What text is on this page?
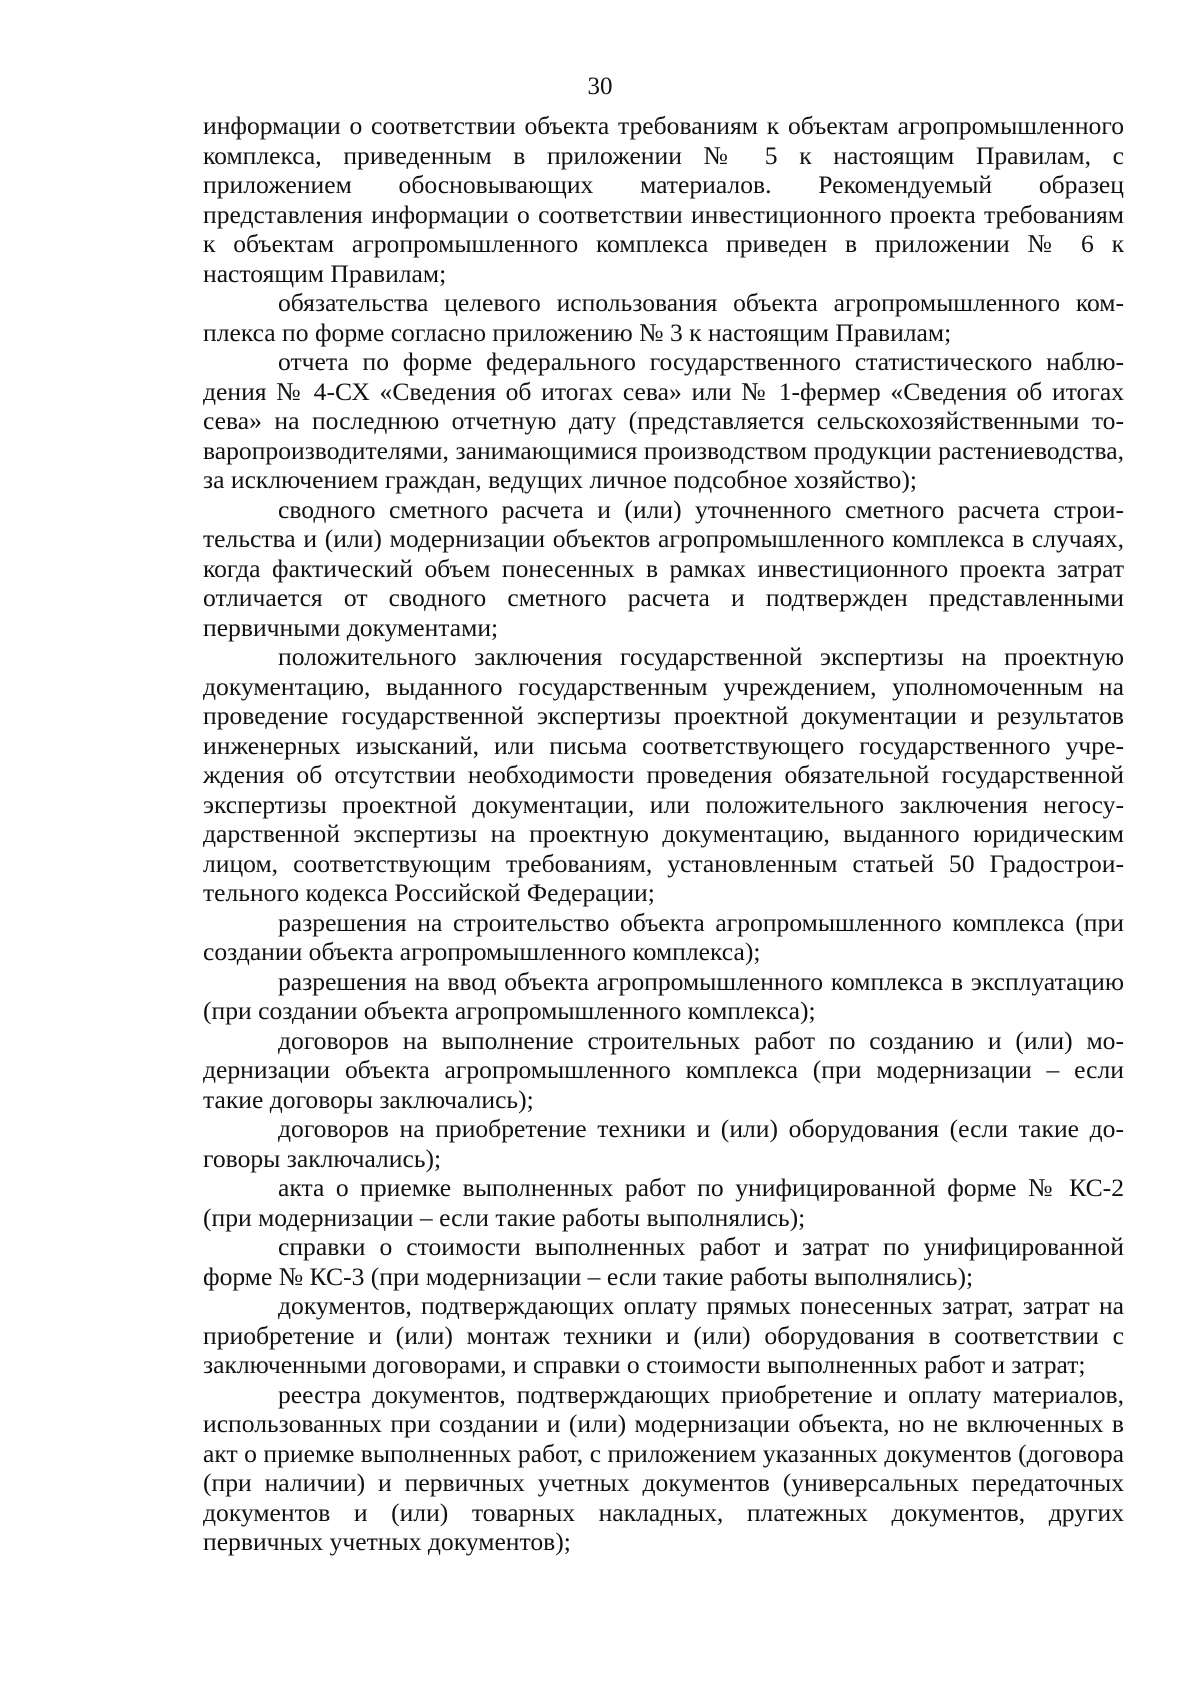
30

информации о соответствии объекта требованиям к объектам агропромышленного комплекса, приведенным в приложении № 5 к настоящим Правилам, с приложением обосновывающих материалов. Рекомендуемый образец представления информации о соответствии инвестиционного проекта требованиям к объектам агропромышленного комплекса приведен в приложении № 6 к настоящим Правилам;

обязательства целевого использования объекта агропромышленного комплекса по форме согласно приложению № 3 к настоящим Правилам;

отчета по форме федерального государственного статистического наблюдения № 4-СХ «Сведения об итогах сева» или № 1-фермер «Сведения об итогах сева» на последнюю отчетную дату (представляется сельскохозяйственными товаропроизводителями, занимающимися производством продукции растениеводства, за исключением граждан, ведущих личное подсобное хозяйство);

сводного сметного расчета и (или) уточненного сметного расчета строительства и (или) модернизации объектов агропромышленного комплекса в случаях, когда фактический объем понесенных в рамках инвестиционного проекта затрат отличается от сводного сметного расчета и подтвержден представленными первичными документами;

положительного заключения государственной экспертизы на проектную документацию, выданного государственным учреждением, уполномоченным на проведение государственной экспертизы проектной документации и результатов инженерных изысканий, или письма соответствующего государственного учреждения об отсутствии необходимости проведения обязательной государственной экспертизы проектной документации, или положительного заключения негосударственной экспертизы на проектную документацию, выданного юридическим лицом, соответствующим требованиям, установленным статьей 50 Градостроительного кодекса Российской Федерации;

разрешения на строительство объекта агропромышленного комплекса (при создании объекта агропромышленного комплекса);

разрешения на ввод объекта агропромышленного комплекса в эксплуатацию (при создании объекта агропромышленного комплекса);

договоров на выполнение строительных работ по созданию и (или) модернизации объекта агропромышленного комплекса (при модернизации – если такие договоры заключались);

договоров на приобретение техники и (или) оборудования (если такие договоры заключались);

акта о приемке выполненных работ по унифицированной форме № КС-2 (при модернизации – если такие работы выполнялись);

справки о стоимости выполненных работ и затрат по унифицированной форме № КС-3 (при модернизации – если такие работы выполнялись);

документов, подтверждающих оплату прямых понесенных затрат, затрат на приобретение и (или) монтаж техники и (или) оборудования в соответствии с заключенными договорами, и справки о стоимости выполненных работ и затрат;

реестра документов, подтверждающих приобретение и оплату материалов, использованных при создании и (или) модернизации объекта, но не включенных в акт о приемке выполненных работ, с приложением указанных документов (договора (при наличии) и первичных учетных документов (универсальных передаточных документов и (или) товарных накладных, платежных документов, других первичных учетных документов);
